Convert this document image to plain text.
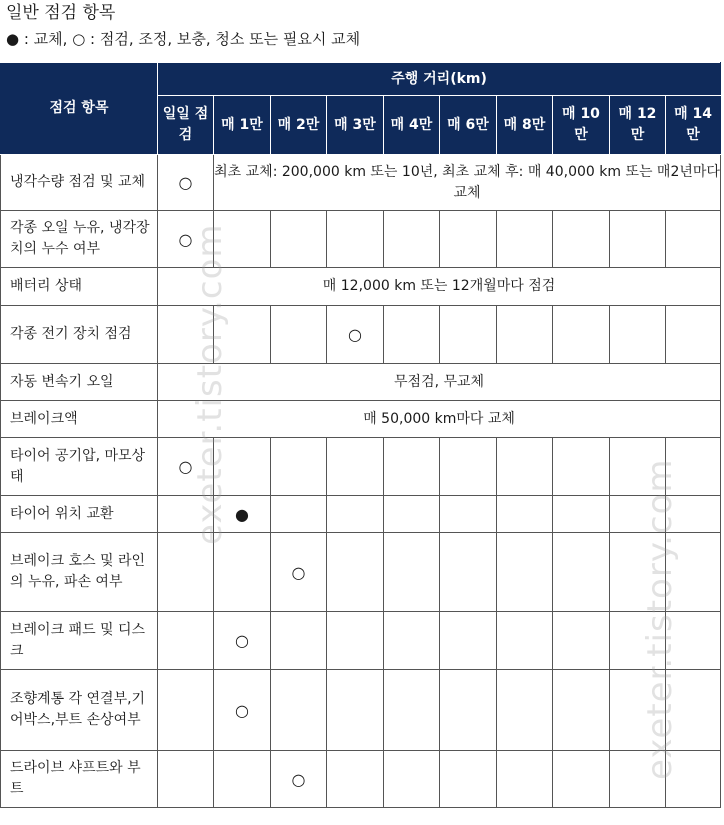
일반 점검 항목
● : 교체, ○ : 점검, 조정, 보충, 청소 또는 필요시 교체
점검 항목	주행 거리(km)									
	일일 점검	매 1만	매 2만	매 3만	매 4만	매 6만	매 8만	매 10 만	매 12 만	매 14 만
냉각수량 점검 및 교체	○	최초 교체: 200,000 km 또는 10년, 최초 교체 후: 매 40,000 km 또는 매2년마다 교체								
각종 오일 누유, 냉각장치의 누수 여부	○									
배터리 상태	매 12,000 km 또는 12개월마다 점검									
각종 전기 장치 점검				○						
자동 변속기 오일	무점검, 무교체									
브레이크액	매 50,000 km마다 교체									
타이어 공기압, 마모상태	○									
타이어 위치 교환		●								
브레이크 호스 및 라인의 누유, 파손 여부			○							
브레이크 패드 및 디스크		○								
조향계통 각 연결부,기어박스,부트 손상여부		○								
드라이브 샤프트와 부트			○							
exeter.tistory.com
exeter.tistory.com
